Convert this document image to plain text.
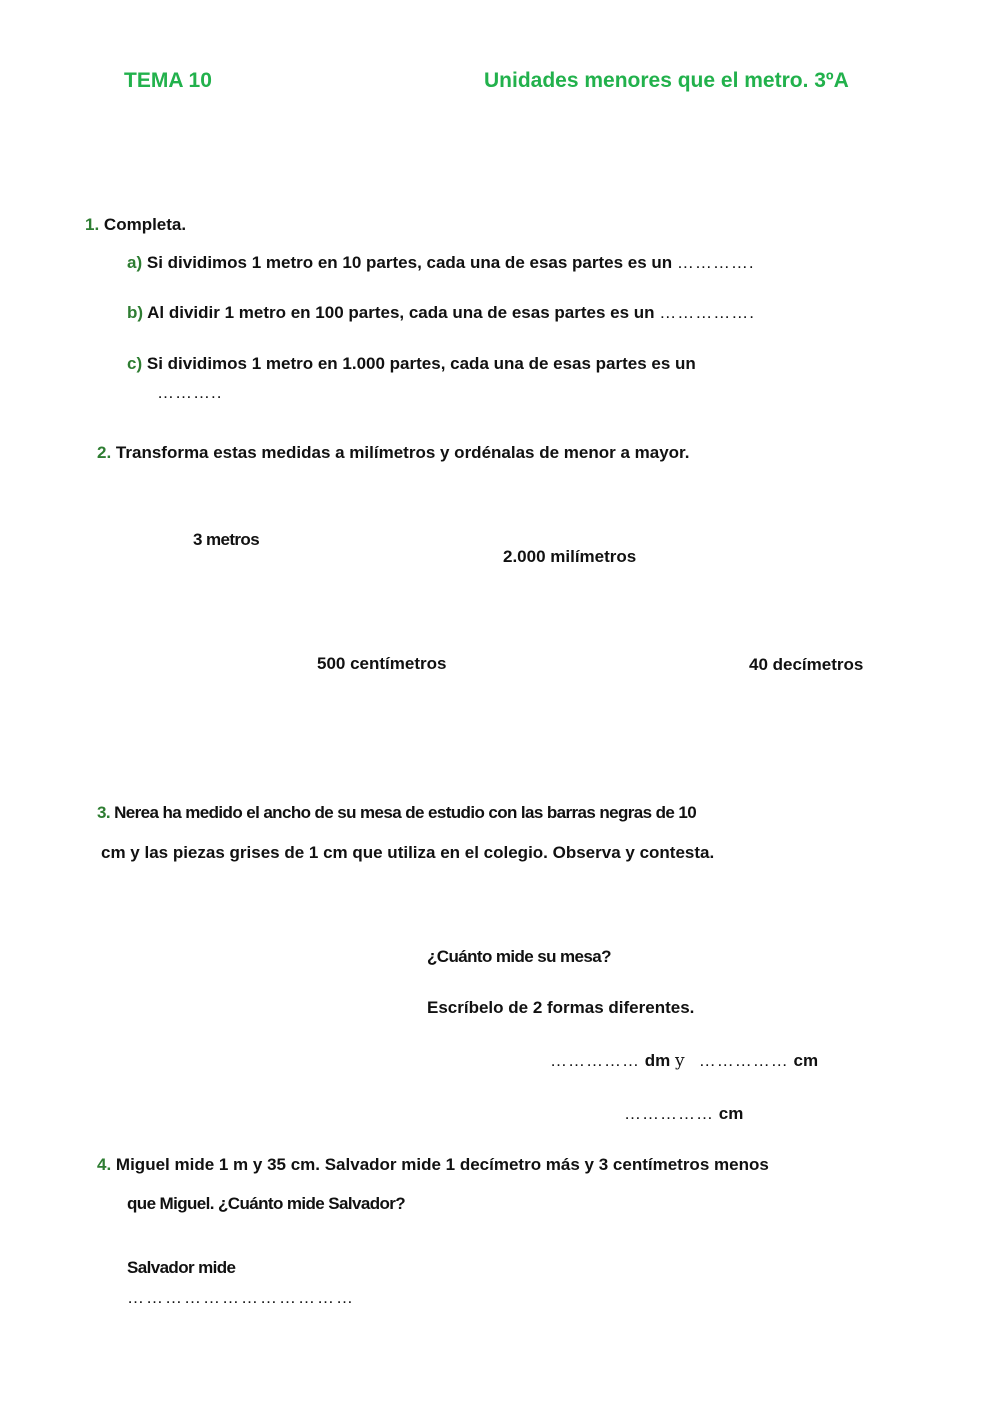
TEMA 10	Unidades menores que el metro. 3ºA
1. Completa.
a) Si dividimos 1 metro en 10 partes, cada una de esas partes es un ………….
b) Al dividir 1 metro en 100 partes, cada una de esas partes es un …………….
c) Si dividimos 1 metro en 1.000 partes, cada una de esas partes es un
………..
2. Transforma estas medidas a milímetros y ordénalas de menor a mayor.
3 metros
2.000 milímetros
500 centímetros	40 decímetros
3. Nerea ha medido el ancho de su mesa de estudio con las barras negras de 10
cm y las piezas grises de 1 cm que utiliza en el colegio. Observa y contesta.
¿Cuánto mide su mesa?
Escríbelo de 2 formas diferentes.
…………… dm y …………… cm
…………… cm
4. Miguel mide 1 m y 35 cm. Salvador mide 1 decímetro más y 3 centímetros menos
que Miguel. ¿Cuánto mide Salvador?
Salvador mide
………………………………
